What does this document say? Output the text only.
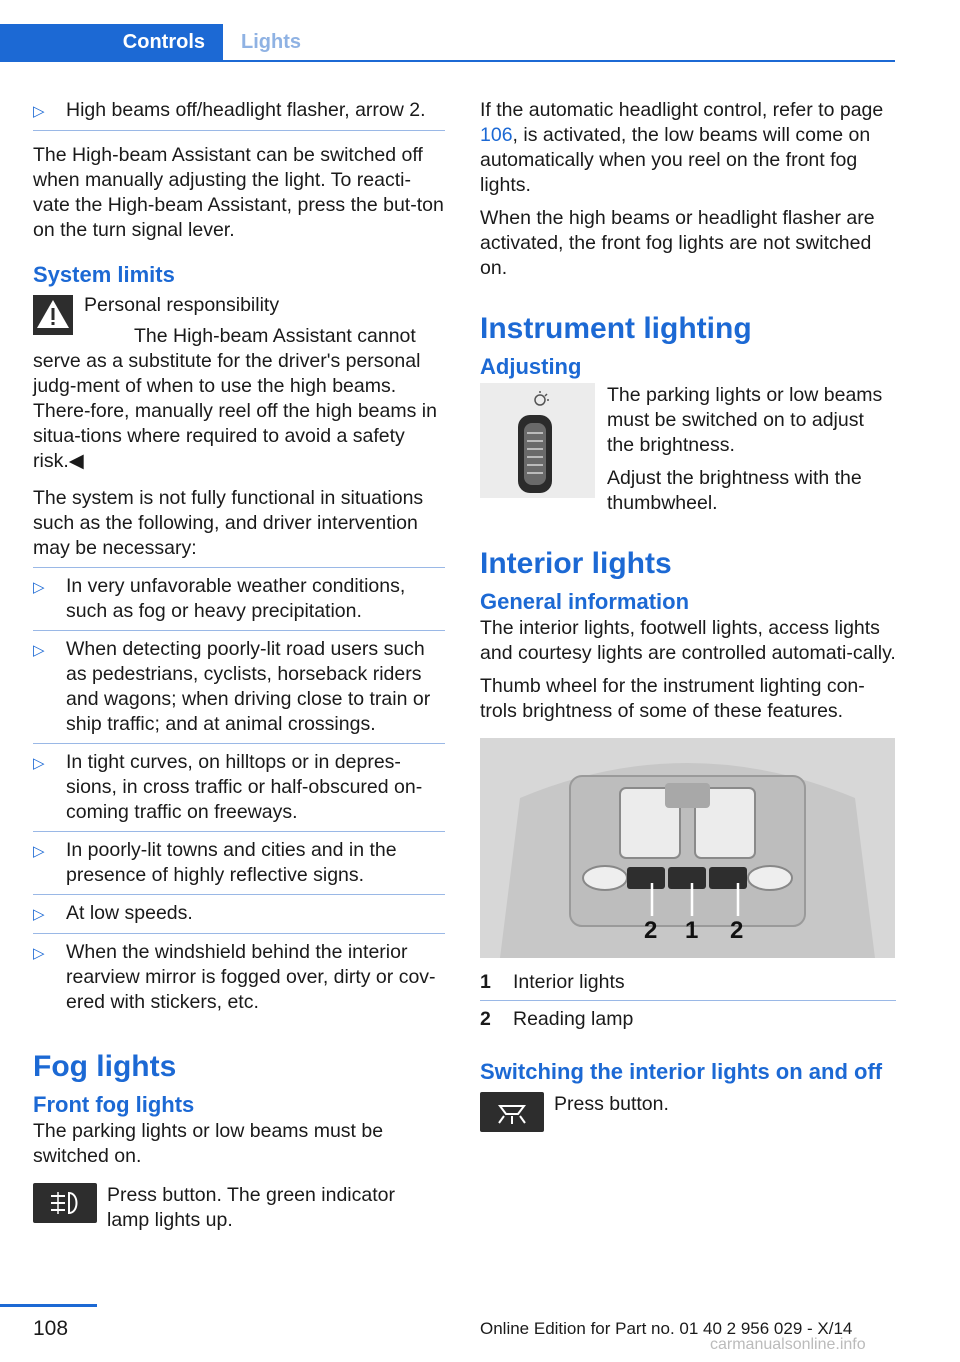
Controls	Lights
▷	High beams off/headlight flasher, arrow 2.

The High-beam Assistant can be switched off when manually adjusting the light. To reacti-vate the High-beam Assistant, press the but-ton on the turn signal lever.

System limits
Personal responsibility

The High-beam Assistant cannot serve as a substitute for the driver's personal judg-ment of when to use the high beams. There-fore, manually reel off the high beams in situa-tions where required to avoid a safety risk.◀

The system is not fully functional in situations such as the following, and driver intervention may be necessary:

▷	In very unfavorable weather conditions, such as fog or heavy precipitation.
▷	When detecting poorly-lit road users such as pedestrians, cyclists, horseback riders and wagons; when driving close to train or ship traffic; and at animal crossings.
▷	In tight curves, on hilltops or in depres-sions, in cross traffic or half-obscured on-coming traffic on freeways.
▷	In poorly-lit towns and cities and in the presence of highly reflective signs.
▷	At low speeds.
▷	When the windshield behind the interior rearview mirror is fogged over, dirty or cov-ered with stickers, etc.
Fog lights
Front fog lights

The parking lights or low beams must be switched on.

Press button. The green indicator lamp lights up.

If the automatic headlight control, refer to page 106, is activated, the low beams will come on automatically when you reel on the front fog lights.

When the high beams or headlight flasher are activated, the front fog lights are not switched on.

Instrument lighting
Adjusting

The parking lights or low beams must be switched on to adjust the brightness.

Adjust the brightness with the thumbwheel.

Interior lights
General information

The interior lights, footwell lights, access lights and courtesy lights are controlled automati-cally.

Thumb wheel for the instrument lighting con-trols brightness of some of these features.

2 1 2
1	Interior lights
2	Reading lamp
Switching the interior lights on and off
Press button.
108	Online Edition for Part no. 01 40 2 956 029 - X/14
carmanualsonline.info
